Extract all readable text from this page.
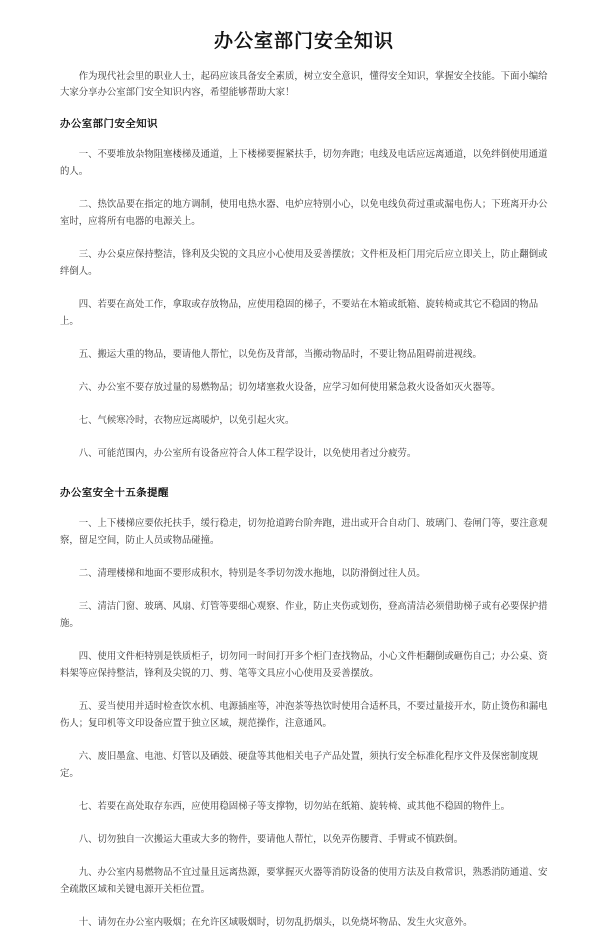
办公室部门安全知识
作为现代社会里的职业人士，起码应该具备安全素质，树立安全意识，懂得安全知识，掌握安全技能。下面小编给大家分享办公室部门安全知识内容，希望能够帮助大家！
办公室部门安全知识
一、不要堆放杂物阻塞楼梯及通道，上下楼梯要握紧扶手，切勿奔跑；电线及电话应远离通道，以免绊倒使用通道的人。
二、热饮品要在指定的地方调制，使用电热水器、电炉应特别小心，以免电线负荷过重或漏电伤人；下班离开办公室时，应将所有电器的电源关上。
三、办公桌应保持整洁，锋利及尖锐的文具应小心使用及妥善摆放；文件柜及柜门用完后应立即关上，防止翻倒或绊倒人。
四、若要在高处工作，拿取或存放物品，应使用稳固的梯子，不要站在木箱或纸箱、旋转椅或其它不稳固的物品上。
五、搬运大重的物品，要请他人帮忙，以免伤及背部，当搬动物品时，不要让物品阻碍前进视线。
六、办公室不要存放过量的易燃物品；切勿堵塞救火设备，应学习如何使用紧急救火设备如灭火器等。
七、气候寒冷时，衣物应远离暖炉，以免引起火灾。
八、可能范围内，办公室所有设备应符合人体工程学设计，以免使用者过分疲劳。
办公室安全十五条提醒
一、上下楼梯应要依托扶手，缓行稳走，切勿抢道跨台阶奔跑，进出或开合自动门、玻璃门、卷闸门等，要注意观察，留足空间，防止人员或物品碰撞。
二、清理楼梯和地面不要形成积水，特别是冬季切勿泼水拖地，以防滑倒过往人员。
三、清洁门窗、玻璃、风扇、灯管等要细心观察、作业，防止夹伤或划伤，登高清洁必须借助梯子或有必要保护措施。
四、使用文件柜特别是铁质柜子，切勿同一时间打开多个柜门查找物品，小心文件柜翻倒或砸伤自己；办公桌、资料架等应保持整洁，锋利及尖锐的刀、剪、笔等文具应小心使用及妥善摆放。
五、妥当使用并适时检查饮水机、电源插座等，冲泡茶等热饮时使用合适杯具，不要过量接开水，防止烫伤和漏电伤人；复印机等文印设备应置于独立区域，规范操作，注意通风。
六、废旧墨盒、电池、灯管以及硒鼓、硬盘等其他相关电子产品处置，须执行安全标准化程序文件及保密制度规定。
七、若要在高处取存东西，应使用稳固梯子等支撑物，切勿站在纸箱、旋转椅、或其他不稳固的物件上。
八、切勿独自一次搬运大重或大多的物件，要请他人帮忙，以免弄伤腰背、手臂或不慎跌倒。
九、办公室内易燃物品不宜过量且远离热源，要掌握灭火器等消防设备的使用方法及自救常识，熟悉消防通道、安全疏散区域和关键电源开关柜位置。
十、请勿在办公室内吸烟；在允许区域吸烟时，切勿乱扔烟头，以免烧坏物品、发生火灾意外。
